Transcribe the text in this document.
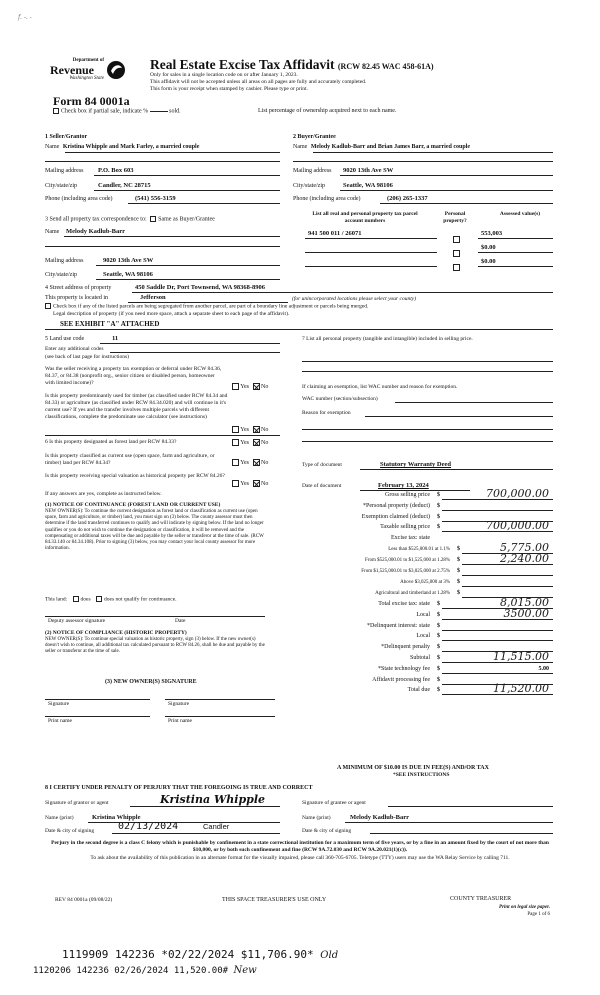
f. -. -
Department of
Revenue
Washington State
Real Estate Excise Tax Affidavit (RCW 82.45 WAC 458-61A)
Only for sales in a single location code on or after January 1, 2023.
This affidavit will not be accepted unless all areas on all pages are fully and accurately completed.
This form is your receipt when stamped by cashier. Please type or print.
Form 84 0001a
Check box if partial sale, indicate %	sold.	List percentage of ownership acquired next to each name.
1 Seller/Grantor
Name Kristina Whipple and Mark Farley, a married couple
Mailing address P.O. Box 603
City/state/zip	Candler, NC 28715
Phone (including area code)	(541) 556-3159
2 Buyer/Grantee
Name Melody Kadlub-Barr and Brian James Barr, a married couple
Mailing address 9020 13th Ave SW
City/state/zip	Seattle, WA 98106
Phone (including area code)	(206) 265-1337
List all real and personal property tax parcel account numbers
Personal property?
Assessed value(s)
941 500 011 / 26071	553,003
$0.00
$0.00
3 Send all property tax correspondence to: Same as Buyer/Grantee
Name Melody Kadlub-Barr
Mailing address	9020 13th Ave SW
City/state/zip	Seattle, WA 98106
4 Street address of property	450 Saddle Dr, Port Townsend, WA 98368-8906
This property is located in	Jefferson	(for unincorporated locations please select your county)
Check box if any of the listed parcels are being segregated from another parcel, are part of a boundary line adjustment or parcels being merged.
Legal description of property (if you need more space, attach a separate sheet to each page of the affidavit).
SEE EXHIBIT "A" ATTACHED
5 Land use code	11
Enter any additional codes
(see back of last page for instructions)
Was the seller receiving a property tax exemption or deferral under RCW 84.36, 84.37, or 84.38 (nonprofit org., senior citizen or disabled person, homeowner with limited income)?
Yes No
Is this property predominantly used for timber (as classified under RCW 84.34 and 84.33) or agriculture (as classified under RCW 84.34.020) and will continue in it's current use? If yes and the transfer involves multiple parcels with different classifications, complete the predominate use calculator (see instructions)
Yes No
6 Is this property designated as forest land per RCW 84.33?	Yes No
Is this property classified as current use (open space, farm and agriculture, or timber) land per RCW 84.34?	Yes No
Is this property receiving special valuation as historical property per RCW 84.26?
Yes No
If any answers are yes, complete as instructed below.
(1) NOTICE OF CONTINUANCE (FOREST LAND OR CURRENT USE)
NEW OWNER(S): To continue the current designation as forest land or classification as current use (open space, farm and agriculture, or timber) land, you must sign on (3) below. The county assessor must then determine if the land transferred continues to qualify and will indicate by signing below. If the land no longer qualifies or you do not wish to continue the designation or classification, it will be removed and the compensating or additional taxes will be due and payable by the seller or transferor at the time of sale. (RCW 84.33.140 or 84.34.108). Prior to signing (3) below, you may contact your local county assessor for more information.
This land: does does not qualify for continuance.
Deputy assessor signature	Date
(2) NOTICE OF COMPLIANCE (HISTORIC PROPERTY)
NEW OWNER(S): To continue special valuation as historic property, sign (3) below. If the new owner(s) doesn't wish to continue, all additional tax calculated pursuant to RCW 84.26, shall be due and payable by the seller or transferor at the time of sale.
(3) NEW OWNER(S) SIGNATURE
Signature	Signature
Print name	Print name
7 List all personal property (tangible and intangible) included in selling price.
If claiming an exemption, list WAC number and reason for exemption.
WAC number (section/subsection)
Reason for exemption
Type of document	Statutory Warranty Deed
Date of document	February 13, 2024
Gross selling price $	700,000.00
*Personal property (deduct) $
Exemption claimed (deduct) $
Taxable selling price $	700,000.00
Excise tax: state
Less than $525,000.01 at 1.1% $	5,775.00
From $525,000.01 to $1,525,000 at 1.28% $	2,240.00
From $1,525,000.01 to $3,025,000 at 2.75% $
Above $3,025,000 at 3% $
Agricultural and timberland at 1.28% $
Total excise tax: state $	8,015.00
Local $	3500.00
*Delinquent interest: state $
Local $
*Delinquent penalty $
Subtotal $	11,515.00
*State technology fee $	5.00
Affidavit processing fee $
Total due $	11,520.00
A MINIMUM OF $10.00 IS DUE IN FEE(S) AND/OR TAX
*SEE INSTRUCTIONS
8 I CERTIFY UNDER PENALTY OF PERJURY THAT THE FOREGOING IS TRUE AND CORRECT
Signature of grantor or agent	Kristina Whipple
Name (print)	Kristina Whipple
Date & city of signing 02/13/2024	Candler
Signature of grantee or agent
Name (print)	Melody Kadlub-Barr
Date & city of signing
Perjury in the second degree is a class C felony which is punishable by confinement in a state correctional institution for a maximum term of five years, or by a fine in an amount fixed by the court of not more than $10,000, or by both such confinement and fine (RCW 9A.72.030 and RCW 9A.20.021(1)(c)).
To ask about the availability of this publication in an alternate format for the visually impaired, please call 360-705-6705. Teletype (TTY) users may use the WA Relay Service by calling 711.
REV 84 0001a (09/08/22)	THIS SPACE TREASURER'S USE ONLY	COUNTY TREASURER
Print on legal size paper.
Page 1 of 6
1119909 142236 *02/22/2024 $11,706.90* Old
1120206 142236 02/26/2024 11,520.00# New
